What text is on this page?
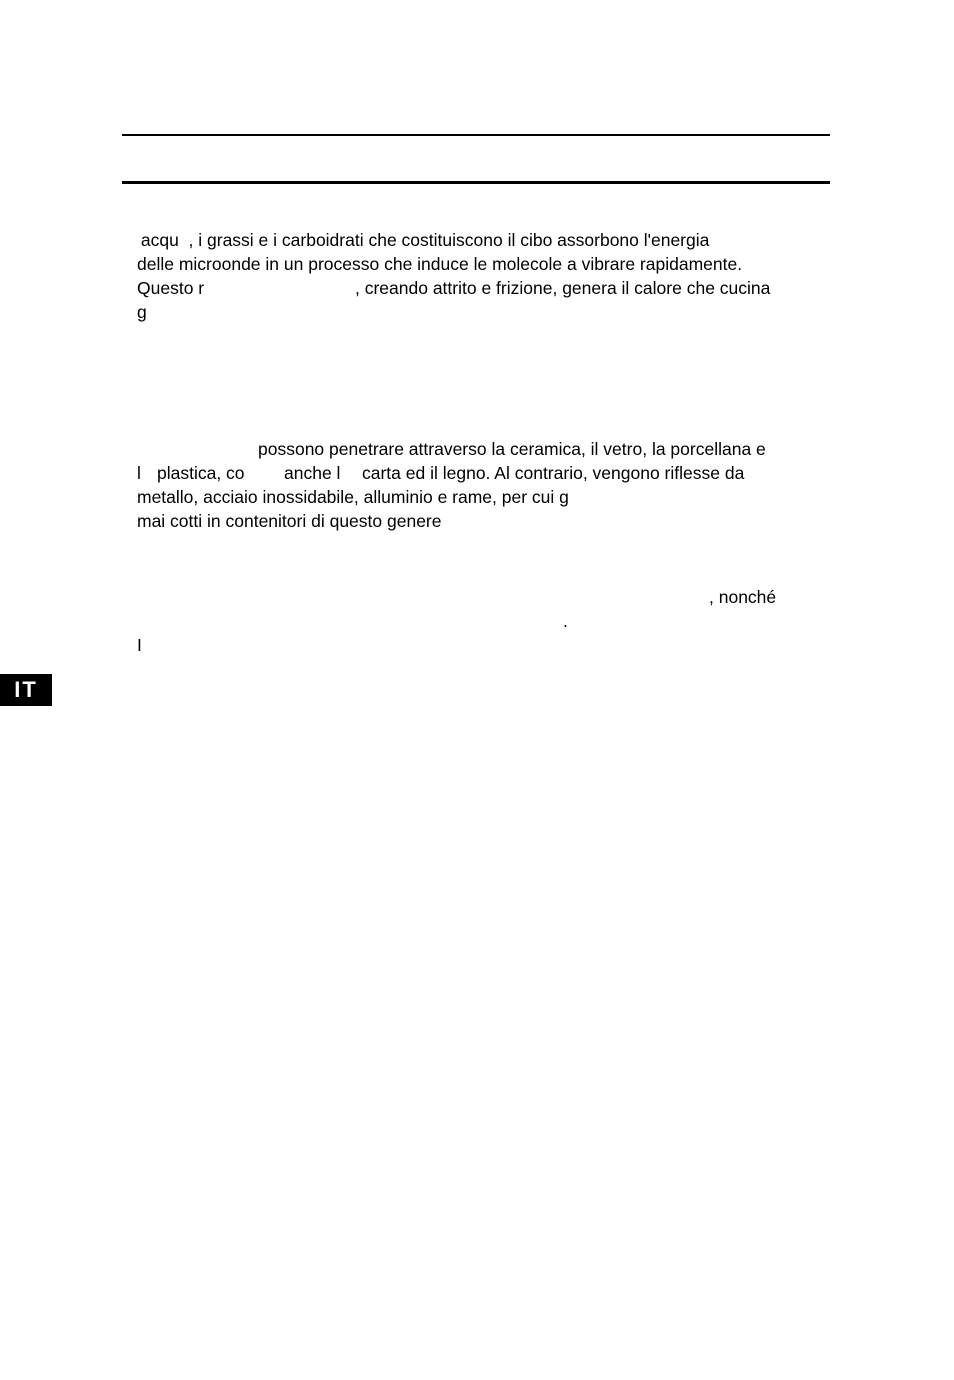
acqu  , i grassi e i carboidrati che costituiscono il cibo assorbono l'energia
delle microonde in un processo che induce le molecole a vibrare rapidamente.
Questo r	, creando attrito e frizione, genera il calore che cucina
g
possono penetrare attraverso la ceramica, il vetro, la porcellana e
l plastica, co anche l carta ed il legno. Al contrario, vengono riflesse da
metallo, acciaio inossidabile, alluminio e rame, per cui g
mai cotti in contenitori di questo genere
, nonché
.
I
IT
